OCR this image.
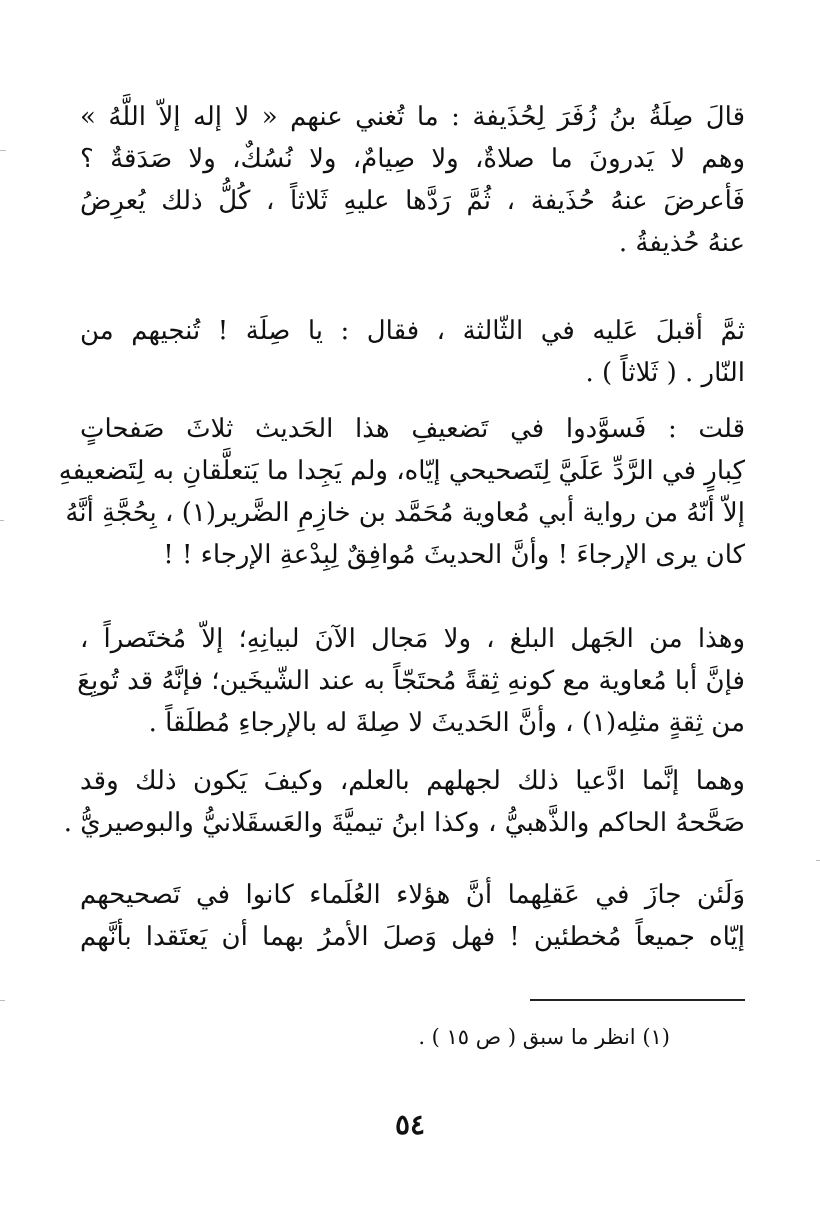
قالَ صِلَةُ بنُ زُفَرَ لِحُذَيفة : ما تُغني عنهم « لا إله إلاّ اللَّهُ »
وهم لا يَدرونَ ما صلاةٌ، ولا صِيامٌ، ولا نُسُكٌ، ولا صَدَقةٌ ؟
فَأعرضَ عنهُ حُذَيفة ، ثُمَّ رَدَّها عليهِ ثَلاثاً ، كُلُّ ذلك يُعرِضُ
عنهُ حُذيفةُ .
ثمَّ أقبلَ عَليه في الثّالثة ، فقال : يا صِلَة ! تُنجيهم من
النّار . ( ثَلاثاً ) .
قلت : فَسوَّدوا في تَضعيفِ هذا الحَديث ثلاثَ صَفحاتٍ
كِبارٍ في الرَّدِّ عَلَيَّ لِتَصحيحي إيّاه، ولم يَجِدا ما يَتعلَّقانِ به لِتَضعيفهِ
إلاّ أنّهُ من رواية أبي مُعاوية مُحَمَّد بن خازِمِ الضَّرير(١) ، بِحُجَّةِ أنَّهُ
كان يرى الإرجاءَ ! وأنَّ الحديثَ مُوافِقٌ لِبِدْعةِ الإرجاء ! !
وهذا من الجَهل البلغ ، ولا مَجال الآنَ لبيانِهِ؛ إلاّ مُختَصراً ،
فإنَّ أبا مُعاوية مع كونهِ ثِقةً مُحتَجّاً به عند الشّيخَين؛ فإنَّهُ قد تُوبِعَ
من ثِقةٍ مثلِه(١) ، وأنَّ الحَديثَ لا صِلةَ له بالإرجاءِ مُطلَقاً .
وهما إنَّما ادَّعيا ذلك لجهلهم بالعلم، وكيفَ يَكون ذلك وقد
صَحَّحهُ الحاكم والذَّهبيُّ ، وكذا ابنُ تيميَّةَ والعَسقَلانيُّ والبوصيريُّ .
وَلَئن جازَ في عَقلِهما أنَّ هؤلاء العُلَماء كانوا في تَصحيحهم
إيّاه جميعاً مُخطئين ! فهل وَصلَ الأمرُ بهما أن يَعتَقدا بأنَّهم
(١) انظر ما سبق ( ص ١٥ ) .
٥٤
